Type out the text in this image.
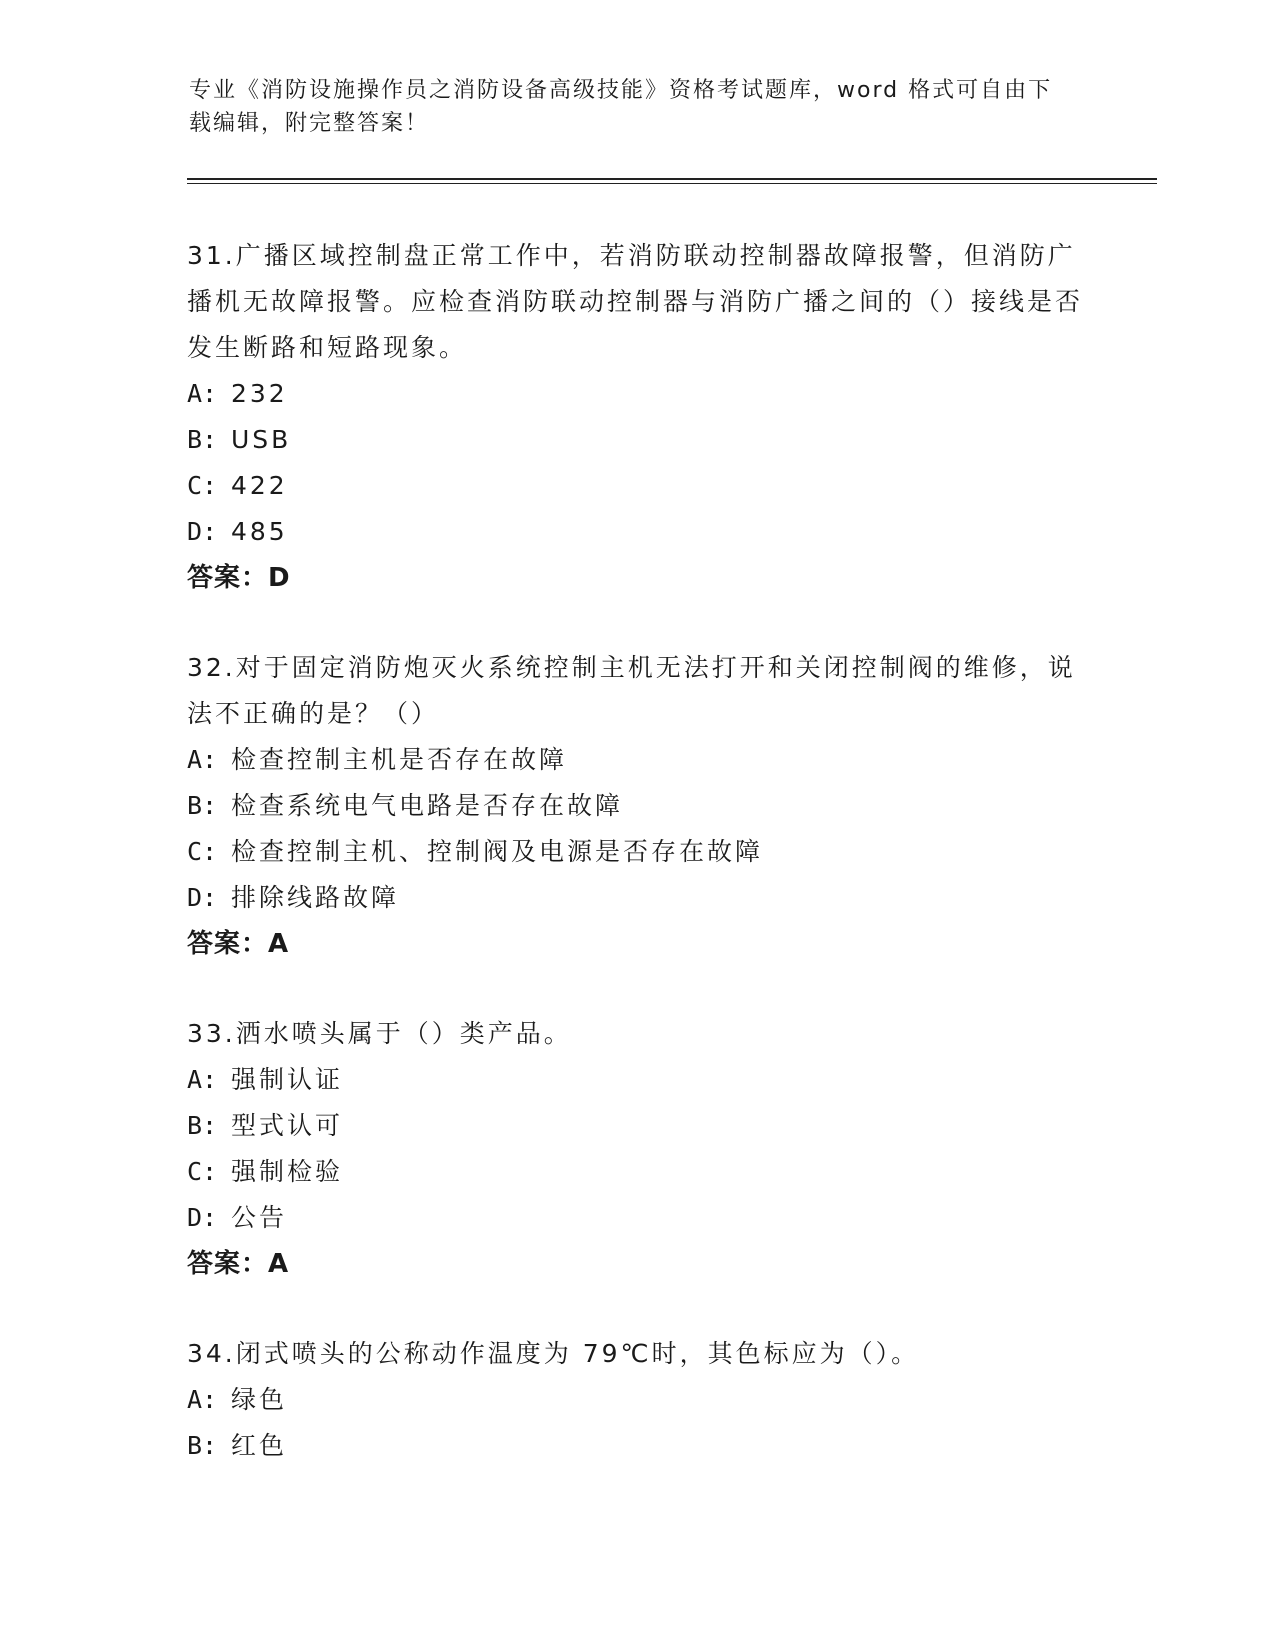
专业《消防设施操作员之消防设备高级技能》资格考试题库，word 格式可自由下载编辑，附完整答案！

31.广播区域控制盘正常工作中，若消防联动控制器故障报警，但消防广播机无故障报警。应检查消防联动控制器与消防广播之间的（）接线是否发生断路和短路现象。

A: 232

B: USB

C: 422

D: 485

答案：D

32.对于固定消防炮灭火系统控制主机无法打开和关闭控制阀的维修，说法不正确的是？（）

A: 检查控制主机是否存在故障

B: 检查系统电气电路是否存在故障

C: 检查控制主机、控制阀及电源是否存在故障

D: 排除线路故障

答案：A

33.洒水喷头属于（）类产品。

A: 强制认证

B: 型式认可

C: 强制检验

D: 公告

答案：A

34.闭式喷头的公称动作温度为 79℃时，其色标应为（）。

A: 绿色

B: 红色
